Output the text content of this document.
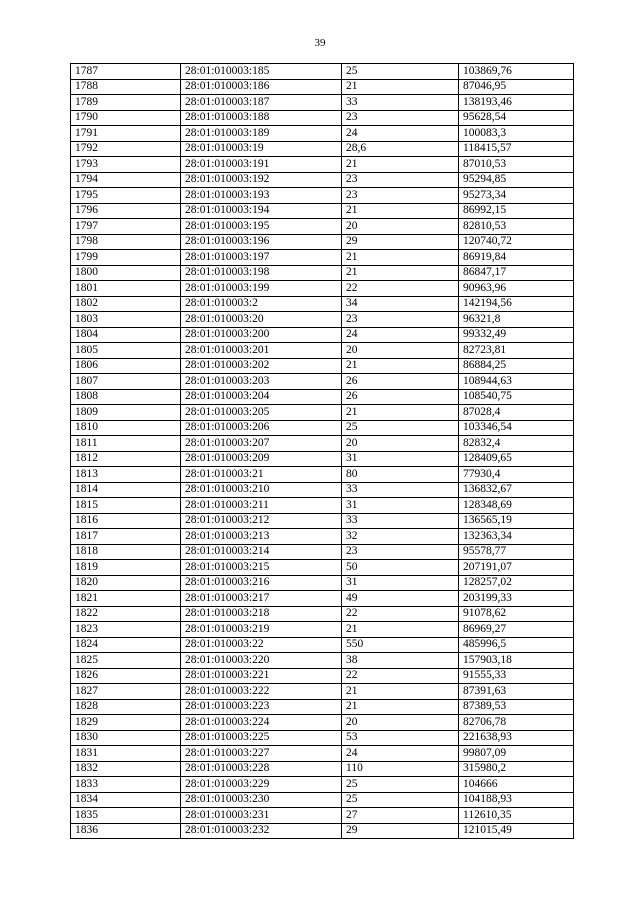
39
1787	28:01:010003:185	25	103869,76
1788	28:01:010003:186	21	87046,95
1789	28:01:010003:187	33	138193,46
1790	28:01:010003:188	23	95628,54
1791	28:01:010003:189	24	100083,3
1792	28:01:010003:19	28,6	118415,57
1793	28:01:010003:191	21	87010,53
1794	28:01:010003:192	23	95294,85
1795	28:01:010003:193	23	95273,34
1796	28:01:010003:194	21	86992,15
1797	28:01:010003:195	20	82810,53
1798	28:01:010003:196	29	120740,72
1799	28:01:010003:197	21	86919,84
1800	28:01:010003:198	21	86847,17
1801	28:01:010003:199	22	90963,96
1802	28:01:010003:2	34	142194,56
1803	28:01:010003:20	23	96321,8
1804	28:01:010003:200	24	99332,49
1805	28:01:010003:201	20	82723,81
1806	28:01:010003:202	21	86884,25
1807	28:01:010003:203	26	108944,63
1808	28:01:010003:204	26	108540,75
1809	28:01:010003:205	21	87028,4
1810	28:01:010003:206	25	103346,54
1811	28:01:010003:207	20	82832,4
1812	28:01:010003:209	31	128409,65
1813	28:01:010003:21	80	77930,4
1814	28:01:010003:210	33	136832,67
1815	28:01:010003:211	31	128348,69
1816	28:01:010003:212	33	136565,19
1817	28:01:010003:213	32	132363,34
1818	28:01:010003:214	23	95578,77
1819	28:01:010003:215	50	207191,07
1820	28:01:010003:216	31	128257,02
1821	28:01:010003:217	49	203199,33
1822	28:01:010003:218	22	91078,62
1823	28:01:010003:219	21	86969,27
1824	28:01:010003:22	550	485996,5
1825	28:01:010003:220	38	157903,18
1826	28:01:010003:221	22	91555,33
1827	28:01:010003:222	21	87391,63
1828	28:01:010003:223	21	87389,53
1829	28:01:010003:224	20	82706,78
1830	28:01:010003:225	53	221638,93
1831	28:01:010003:227	24	99807,09
1832	28:01:010003:228	110	315980,2
1833	28:01:010003:229	25	104666
1834	28:01:010003:230	25	104188,93
1835	28:01:010003:231	27	112610,35
1836	28:01:010003:232	29	121015,49
